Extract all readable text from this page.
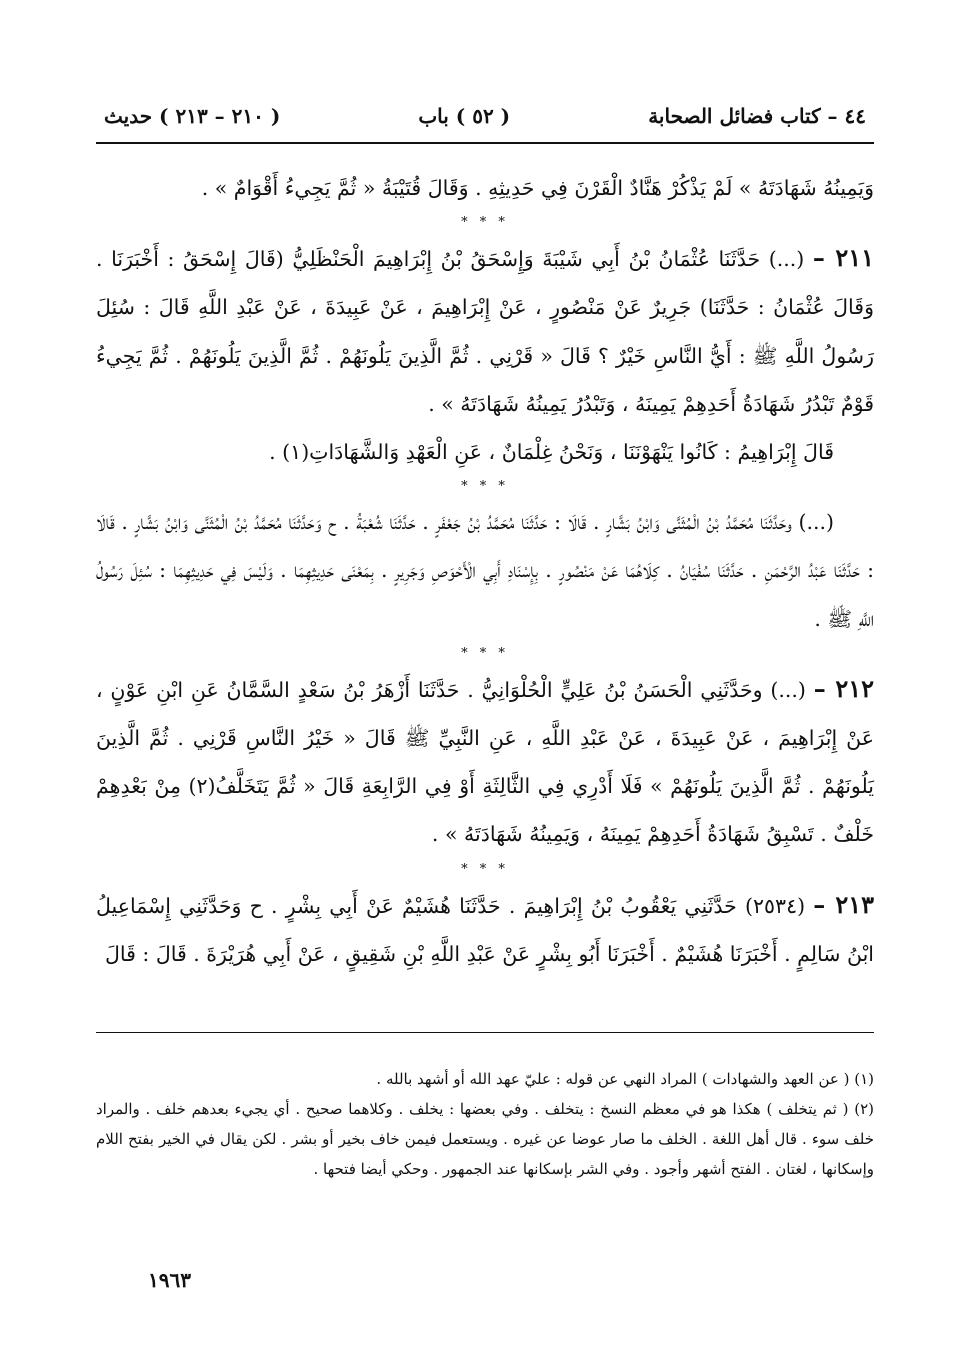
٤٤ – كتاب فضائل الصحابة
( ٥٢ ) باب
( ٢١٠ – ٢١٣ ) حديث

وَيَمِينُهُ شَهَادَتَهُ » لَمْ يَذْكُرْ هَنَّادٌ الْقَرْنَ فِي حَدِيثِهِ . وَقَالَ قُتَيْبَةُ « ثُمَّ يَجِيءُ أَقْوَامٌ » .

* * *

٢١١ – (...) حَدَّثَنَا عُثْمَانُ بْنُ أَبِي شَيْبَةَ وَإِسْحَقُ بْنُ إِبْرَاهِيمَ الْحَنْظَلِيُّ (قَالَ إِسْحَقُ : أَخْبَرَنَا . وَقَالَ عُثْمَانُ : حَدَّثَنَا) جَرِيرٌ عَنْ مَنْصُورٍ ، عَنْ إِبْرَاهِيمَ ، عَنْ عَبِيدَةَ ، عَنْ عَبْدِ اللَّهِ قَالَ : سُئِلَ رَسُولُ اللَّهِ ﷺ : أَيُّ النَّاسِ خَيْرٌ ؟ قَالَ « قَرْنِي . ثُمَّ الَّذِينَ يَلُونَهُمْ . ثُمَّ الَّذِينَ يَلُونَهُمْ . ثُمَّ يَجِيءُ قَوْمٌ تَبْدُرُ شَهَادَةُ أَحَدِهِمْ يَمِينَهُ ، وَتَبْدُرُ يَمِينُهُ شَهَادَتَهُ » .

قَالَ إِبْرَاهِيمُ : كَانُوا يَنْهَوْنَنَا ، وَنَحْنُ غِلْمَانٌ ، عَنِ الْعَهْدِ وَالشَّهَادَاتِ(١) .

* * *

(...) وحَدَّثَنَا مُحَمَّدُ بْنُ الْمُثَنَّى وَابْنُ بَشَّارٍ . قَالَا : حَدَّثَنَا مُحَمَّدُ بْنُ جَعْفَرٍ . حَدَّثَنَا شُعْبَةُ . ح وَحَدَّثَنَا مُحَمَّدُ بْنُ الْمُثَنَّى وَابْنُ بَشَّارٍ . قَالَا : حَدَّثَنَا عَبْدُ الرَّحْمَنِ . حَدَّثَنَا سُفْيَانُ . كِلَاهُمَا عَنْ مَنْصُورٍ . بِإِسْنَادِ أَبِي الْأَحْوَصِ وَجَرِيرٍ . بِمَعْنَى حَدِيثِهِمَا . وَلَيْسَ فِي حَدِيثِهِمَا : سُئِلَ رَسُولُ اللَّهِ ﷺ .

* * *

٢١٢ – (...) وحَدَّثَنِي الْحَسَنُ بْنُ عَلِيٍّ الْحُلْوَانِيُّ . حَدَّثَنَا أَزْهَرُ بْنُ سَعْدٍ السَّمَّانُ عَنِ ابْنِ عَوْنٍ ، عَنْ إِبْرَاهِيمَ ، عَنْ عَبِيدَةَ ، عَنْ عَبْدِ اللَّهِ ، عَنِ النَّبِيِّ ﷺ قَالَ « خَيْرُ النَّاسِ قَرْنِي . ثُمَّ الَّذِينَ يَلُونَهُمْ . ثُمَّ الَّذِينَ يَلُونَهُمْ » فَلَا أَدْرِي فِي الثَّالِثَةِ أَوْ فِي الرَّابِعَةِ قَالَ « ثُمَّ يَتَخَلَّفُ(٢) مِنْ بَعْدِهِمْ خَلْفٌ . تَسْبِقُ شَهَادَةُ أَحَدِهِمْ يَمِينَهُ ، وَيَمِينُهُ شَهَادَتَهُ » .

* * *

٢١٣ – (٢٥٣٤) حَدَّثَنِي يَعْقُوبُ بْنُ إِبْرَاهِيمَ . حَدَّثَنَا هُشَيْمٌ عَنْ أَبِي بِشْرٍ . ح وَحَدَّثَنِي إِسْمَاعِيلُ ابْنُ سَالِمٍ . أَخْبَرَنَا هُشَيْمٌ . أَخْبَرَنَا أَبُو بِشْرٍ عَنْ عَبْدِ اللَّهِ بْنِ شَقِيقٍ ، عَنْ أَبِي هُرَيْرَةَ . قَالَ : قَالَ

(١) ( عن العهد والشهادات ) المراد النهي عن قوله : عليّ عهد الله أو أشهد بالله .

(٢) ( ثم يتخلف ) هكذا هو في معظم النسخ : يتخلف . وفي بعضها : يخلف . وكلاهما صحيح . أي يجيء بعدهم خلف . والمراد خلف سوء . قال أهل اللغة . الخلف ما صار عوضا عن غيره . ويستعمل فيمن خاف بخير أو بشر . لكن يقال في الخير بفتح اللام وإسكانها ، لغتان . الفتح أشهر وأجود . وفي الشر بإسكانها عند الجمهور . وحكي أيضا فتحها .

١٩٦٣
